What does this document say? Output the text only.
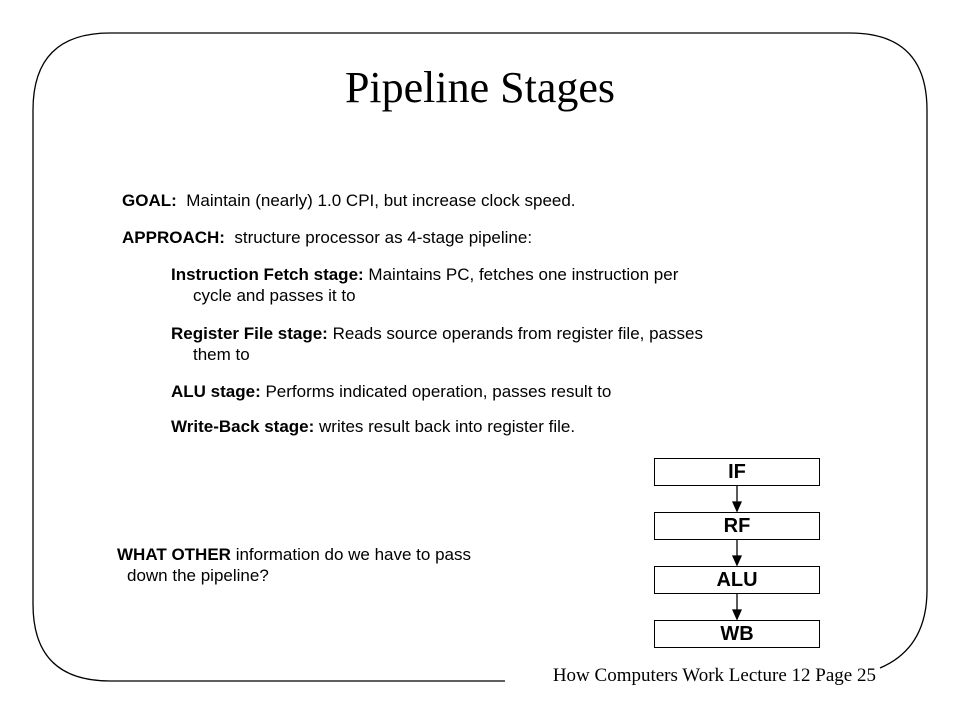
Pipeline Stages
GOAL: Maintain (nearly) 1.0 CPI, but increase clock speed.
APPROACH: structure processor as 4-stage pipeline:
Instruction Fetch stage: Maintains PC, fetches one instruction per
cycle and passes it to
Register File stage: Reads source operands from register file, passes
them to
ALU stage: Performs indicated operation, passes result to
Write-Back stage: writes result back into register file.
WHAT OTHER information do we have to pass
down the pipeline?
IF
RF
ALU
WB
How Computers Work Lecture 12 Page 25
